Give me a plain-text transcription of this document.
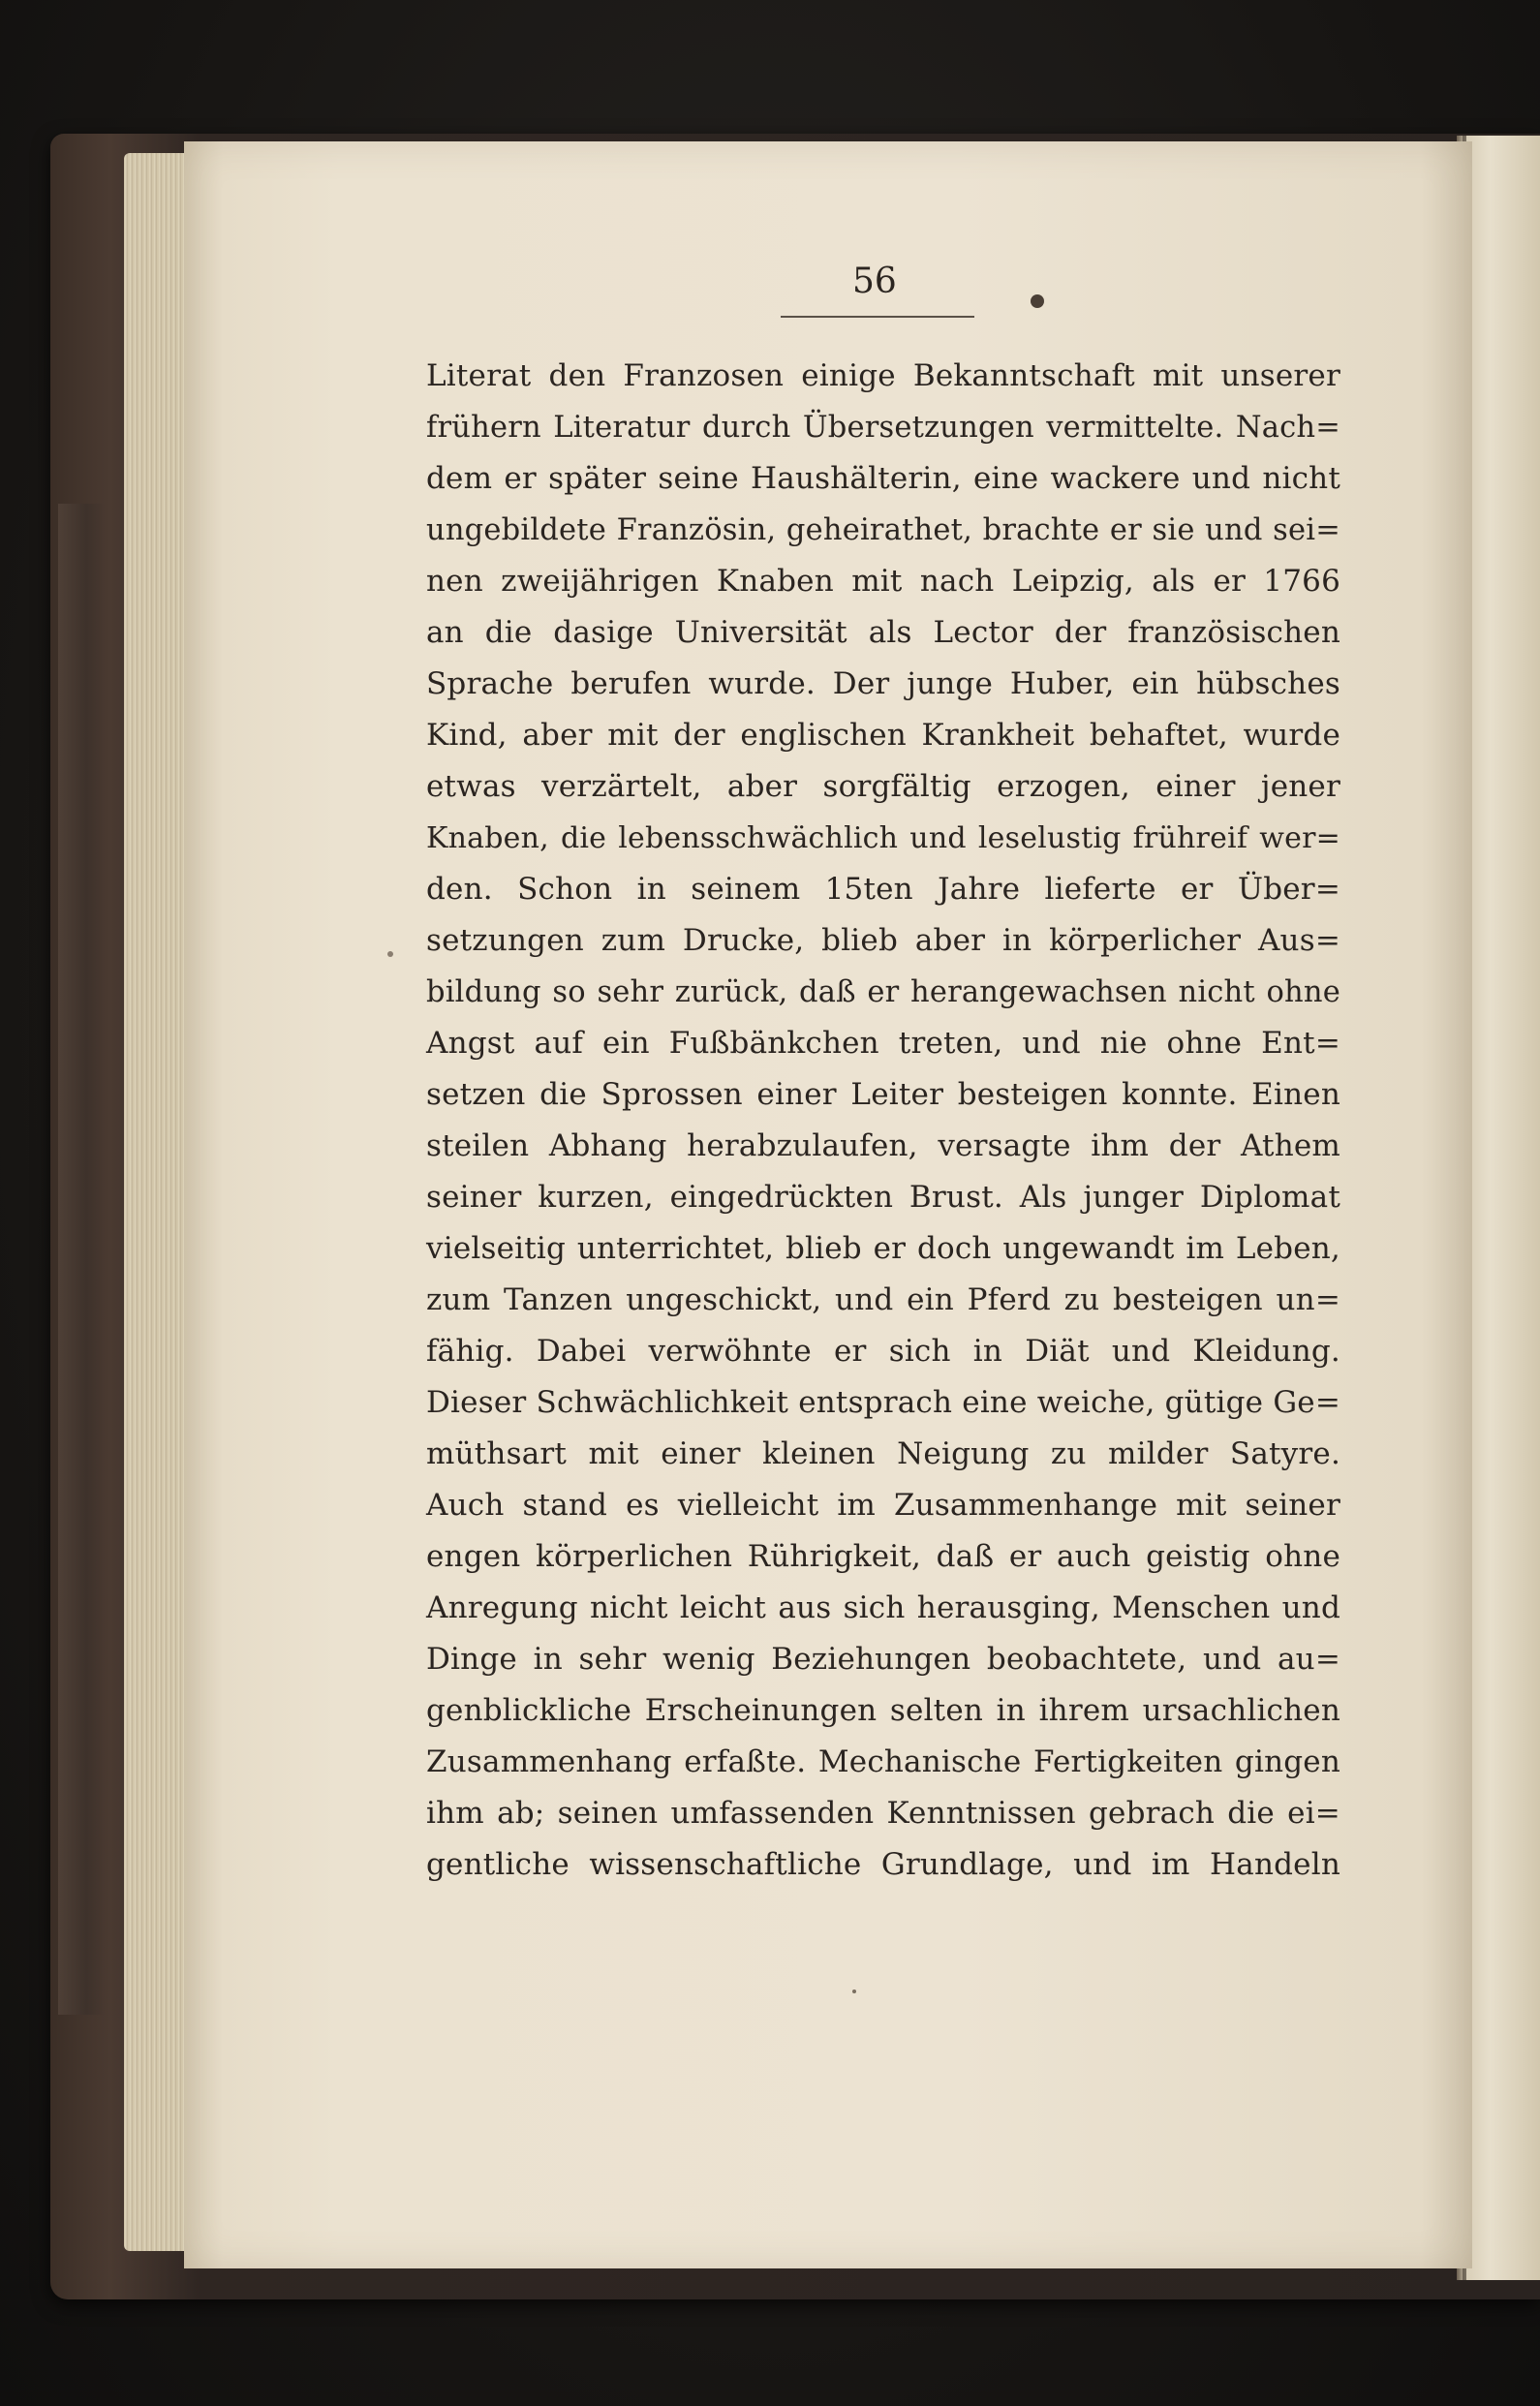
56
Literat den Franzosen einige Bekanntschaft mit unserer
frühern Literatur durch Übersetzungen vermittelte. Nach=
dem er später seine Haushälterin, eine wackere und nicht
ungebildete Französin, geheirathet, brachte er sie und sei=
nen zweijährigen Knaben mit nach Leipzig, als er 1766
an die dasige Universität als Lector der französischen
Sprache berufen wurde. Der junge Huber, ein hübsches
Kind, aber mit der englischen Krankheit behaftet, wurde
etwas verzärtelt, aber sorgfältig erzogen, einer jener
Knaben, die lebensschwächlich und leselustig frühreif wer=
den. Schon in seinem 15ten Jahre lieferte er Über=
setzungen zum Drucke, blieb aber in körperlicher Aus=
bildung so sehr zurück, daß er herangewachsen nicht ohne
Angst auf ein Fußbänkchen treten, und nie ohne Ent=
setzen die Sprossen einer Leiter besteigen konnte. Einen
steilen Abhang herabzulaufen, versagte ihm der Athem
seiner kurzen, eingedrückten Brust. Als junger Diplomat
vielseitig unterrichtet, blieb er doch ungewandt im Leben,
zum Tanzen ungeschickt, und ein Pferd zu besteigen un=
fähig. Dabei verwöhnte er sich in Diät und Kleidung.
Dieser Schwächlichkeit entsprach eine weiche, gütige Ge=
müthsart mit einer kleinen Neigung zu milder Satyre.
Auch stand es vielleicht im Zusammenhange mit seiner
engen körperlichen Rührigkeit, daß er auch geistig ohne
Anregung nicht leicht aus sich herausging, Menschen und
Dinge in sehr wenig Beziehungen beobachtete, und au=
genblickliche Erscheinungen selten in ihrem ursachlichen
Zusammenhang erfaßte. Mechanische Fertigkeiten gingen
ihm ab; seinen umfassenden Kenntnissen gebrach die ei=
gentliche wissenschaftliche Grundlage, und im Handeln
